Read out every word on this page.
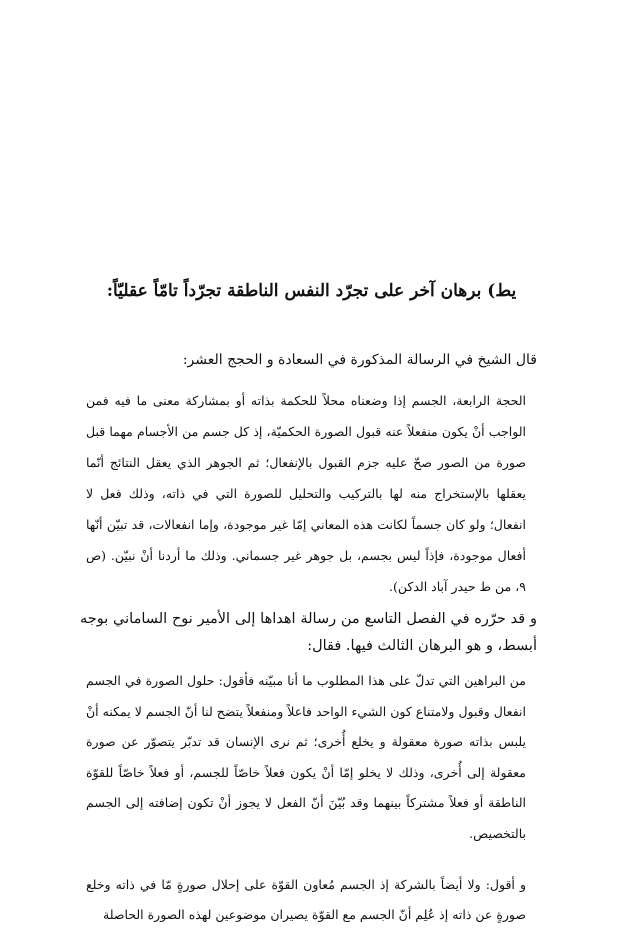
يط) برهان آخر على تجرّد النفس الناطقة تجرّداً تامّاً عقليّاً:

قال الشيخ في الرسالة المذكورة في السعادة و الحجج العشر:

الحجة الرابعة، الجسم إذا وضعناه محلاً للحكمة بذاته أو بمشاركة معنى ما فيه فمن الواجب أنْ يكون منفعلاً عنه قبول الصورة الحكميّة، إذ كل جسم من الأجسام مهما قبل صورة من الصور صحّ عليه جزم القبول بالإنفعال؛ ثم الجوهر الذي يعقل النتائج أنّما يعقلها بالإستخراج منه لها بالتركيب والتحليل للصورة التي في ذاته، وذلك فعل لا انفعال؛ ولو كان جسماً لكانت هذه المعاني إمّا غير موجودة، وإما انفعالات، قد تبيّن أنّها أفعال موجودة، فإذاً ليس بجسم، بل جوهر غير جسماني. وذلك ما أردنا أنْ نبيّن. (ص ٩، من ط حيدر آباد الدكن).

و قد حرّره في الفصل التاسع من رسالة اهداها إلى الأمير نوح الساماني بوجه أبسط، و هو البرهان الثالث فيها. فقال:

من البراهين التي تدلّ على هذا المطلوب ما أنا مبيّنه فأقول: حلول الصورة في الجسم انفعال وقبول ولامتناع كون الشيء الواحد فاعلاً ومنفعلاً يتضح لنا أنّ الجسم لا يمكنه أنْ يلبس بذاته صورة معقولة و يخلع أُخرى؛ ثم نرى الإنسان قد تدبّر يتصوّر عن صورة معقولة إلى أُخرى، وذلك لا يخلو إمّا أنْ يكون فعلاً خاصّاً للجسم، أو فعلاً خاصّاً للقوّة الناطقة أو فعلاً مشتركاً بينهما وقد بُيّنَ أنّ الفعل لا يجوز أنْ تكون إضافته إلى الجسم بالتخصيص.

و أقول: ولا أيضاً بالشركة إذ الجسم مُعاون القوّة على إحلال صورةٍ مّا في ذاته وخلع صورةٍ عن ذاته إذ عُلِم أنّ الجسم مع القوّة يصيران موضوعين لهذه الصورة الحاصلة
